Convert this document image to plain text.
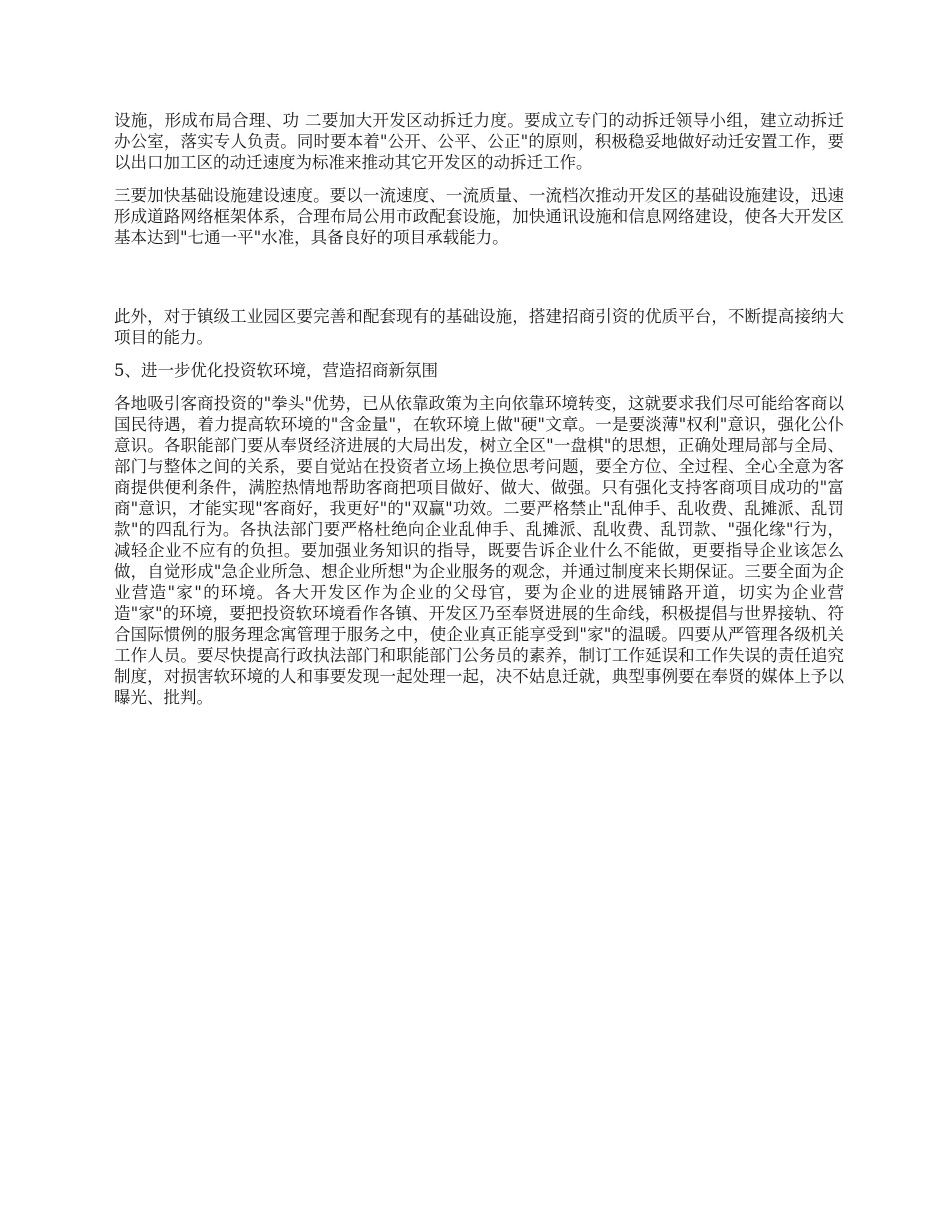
设施，形成布局合理、功 二要加大开发区动拆迁力度。要成立专门的动拆迁领导小组，建立动拆迁办公室，落实专人负责。同时要本着"公开、公平、公正"的原则，积极稳妥地做好动迁安置工作，要以出口加工区的动迁速度为标准来推动其它开发区的动拆迁工作。

三要加快基础设施建设速度。要以一流速度、一流质量、一流档次推动开发区的基础设施建设，迅速形成道路网络框架体系，合理布局公用市政配套设施，加快通讯设施和信息网络建设，使各大开发区基本达到"七通一平"水准，具备良好的项目承载能力。

此外，对于镇级工业园区要完善和配套现有的基础设施，搭建招商引资的优质平台，不断提高接纳大项目的能力。

5、进一步优化投资软环境，营造招商新氛围

各地吸引客商投资的"拳头"优势，已从依靠政策为主向依靠环境转变，这就要求我们尽可能给客商以国民待遇，着力提高软环境的"含金量"，在软环境上做"硬"文章。一是要淡薄"权利"意识，强化公仆意识。各职能部门要从奉贤经济进展的大局出发，树立全区"一盘棋"的思想，正确处理局部与全局、部门与整体之间的关系，要自觉站在投资者立场上换位思考问题，要全方位、全过程、全心全意为客商提供便利条件，满腔热情地帮助客商把项目做好、做大、做强。只有强化支持客商项目成功的"富商"意识，才能实现"客商好，我更好"的"双赢"功效。二要严格禁止"乱伸手、乱收费、乱摊派、乱罚款"的四乱行为。各执法部门要严格杜绝向企业乱伸手、乱摊派、乱收费、乱罚款、"强化缘"行为，减轻企业不应有的负担。要加强业务知识的指导，既要告诉企业什么不能做，更要指导企业该怎么做，自觉形成"急企业所急、想企业所想"为企业服务的观念，并通过制度来长期保证。三要全面为企业营造"家"的环境。各大开发区作为企业的父母官，要为企业的进展铺路开道，切实为企业营造"家"的环境，要把投资软环境看作各镇、开发区乃至奉贤进展的生命线，积极提倡与世界接轨、符合国际惯例的服务理念寓管理于服务之中，使企业真正能享受到"家"的温暖。四要从严管理各级机关工作人员。要尽快提高行政执法部门和职能部门公务员的素养，制订工作延误和工作失误的责任追究制度，对损害软环境的人和事要发现一起处理一起，决不姑息迁就，典型事例要在奉贤的媒体上予以曝光、批判。
